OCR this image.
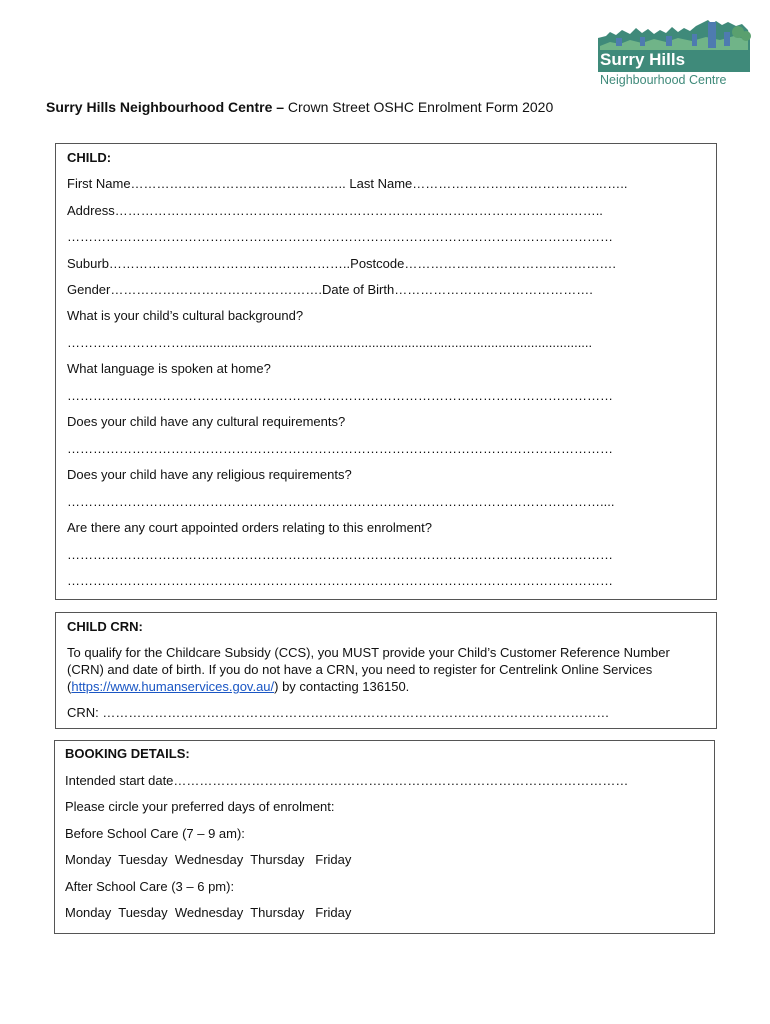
Surry Hills
Neighbourhood Centre
Surry Hills Neighbourhood Centre – Crown Street OSHC Enrolment Form 2020
CHILD:
First Name………………………………………….. Last Name…………………………………………..
Address…………………………………………………………………………………………………..
………………………………………………………………………………………………………………
Suburb………………………………………………..Postcode………………………………………….
Gender………………………………………….Date of Birth……………………………………….
What is your child’s cultural background?
……………………….................................................................................................................
What language is spoken at home?
………………………………………………………………………………………………………………
Does your child have any cultural requirements?
………………………………………………………………………………………………………………
Does your child have any religious requirements?
……………………………………………………………………………………………………………....
Are there any court appointed orders relating to this enrolment?
………………………………………………………………………………………………………………
………………………………………………………………………………………………………………
CHILD CRN:
To qualify for the Childcare Subsidy (CCS), you MUST provide your Child’s Customer Reference Number (CRN) and date of birth. If you do not have a CRN, you need to register for Centrelink Online Services (https://www.humanservices.gov.au/) by contacting 136150.
CRN: ………………………………………………………………………………………………………
BOOKING DETAILS:
Intended start date……………………………………………………………………………………………
Please circle your preferred days of enrolment:
Before School Care (7 – 9 am):
Monday  Tuesday  Wednesday  Thursday   Friday
After School Care (3 – 6 pm):
Monday  Tuesday  Wednesday  Thursday   Friday
